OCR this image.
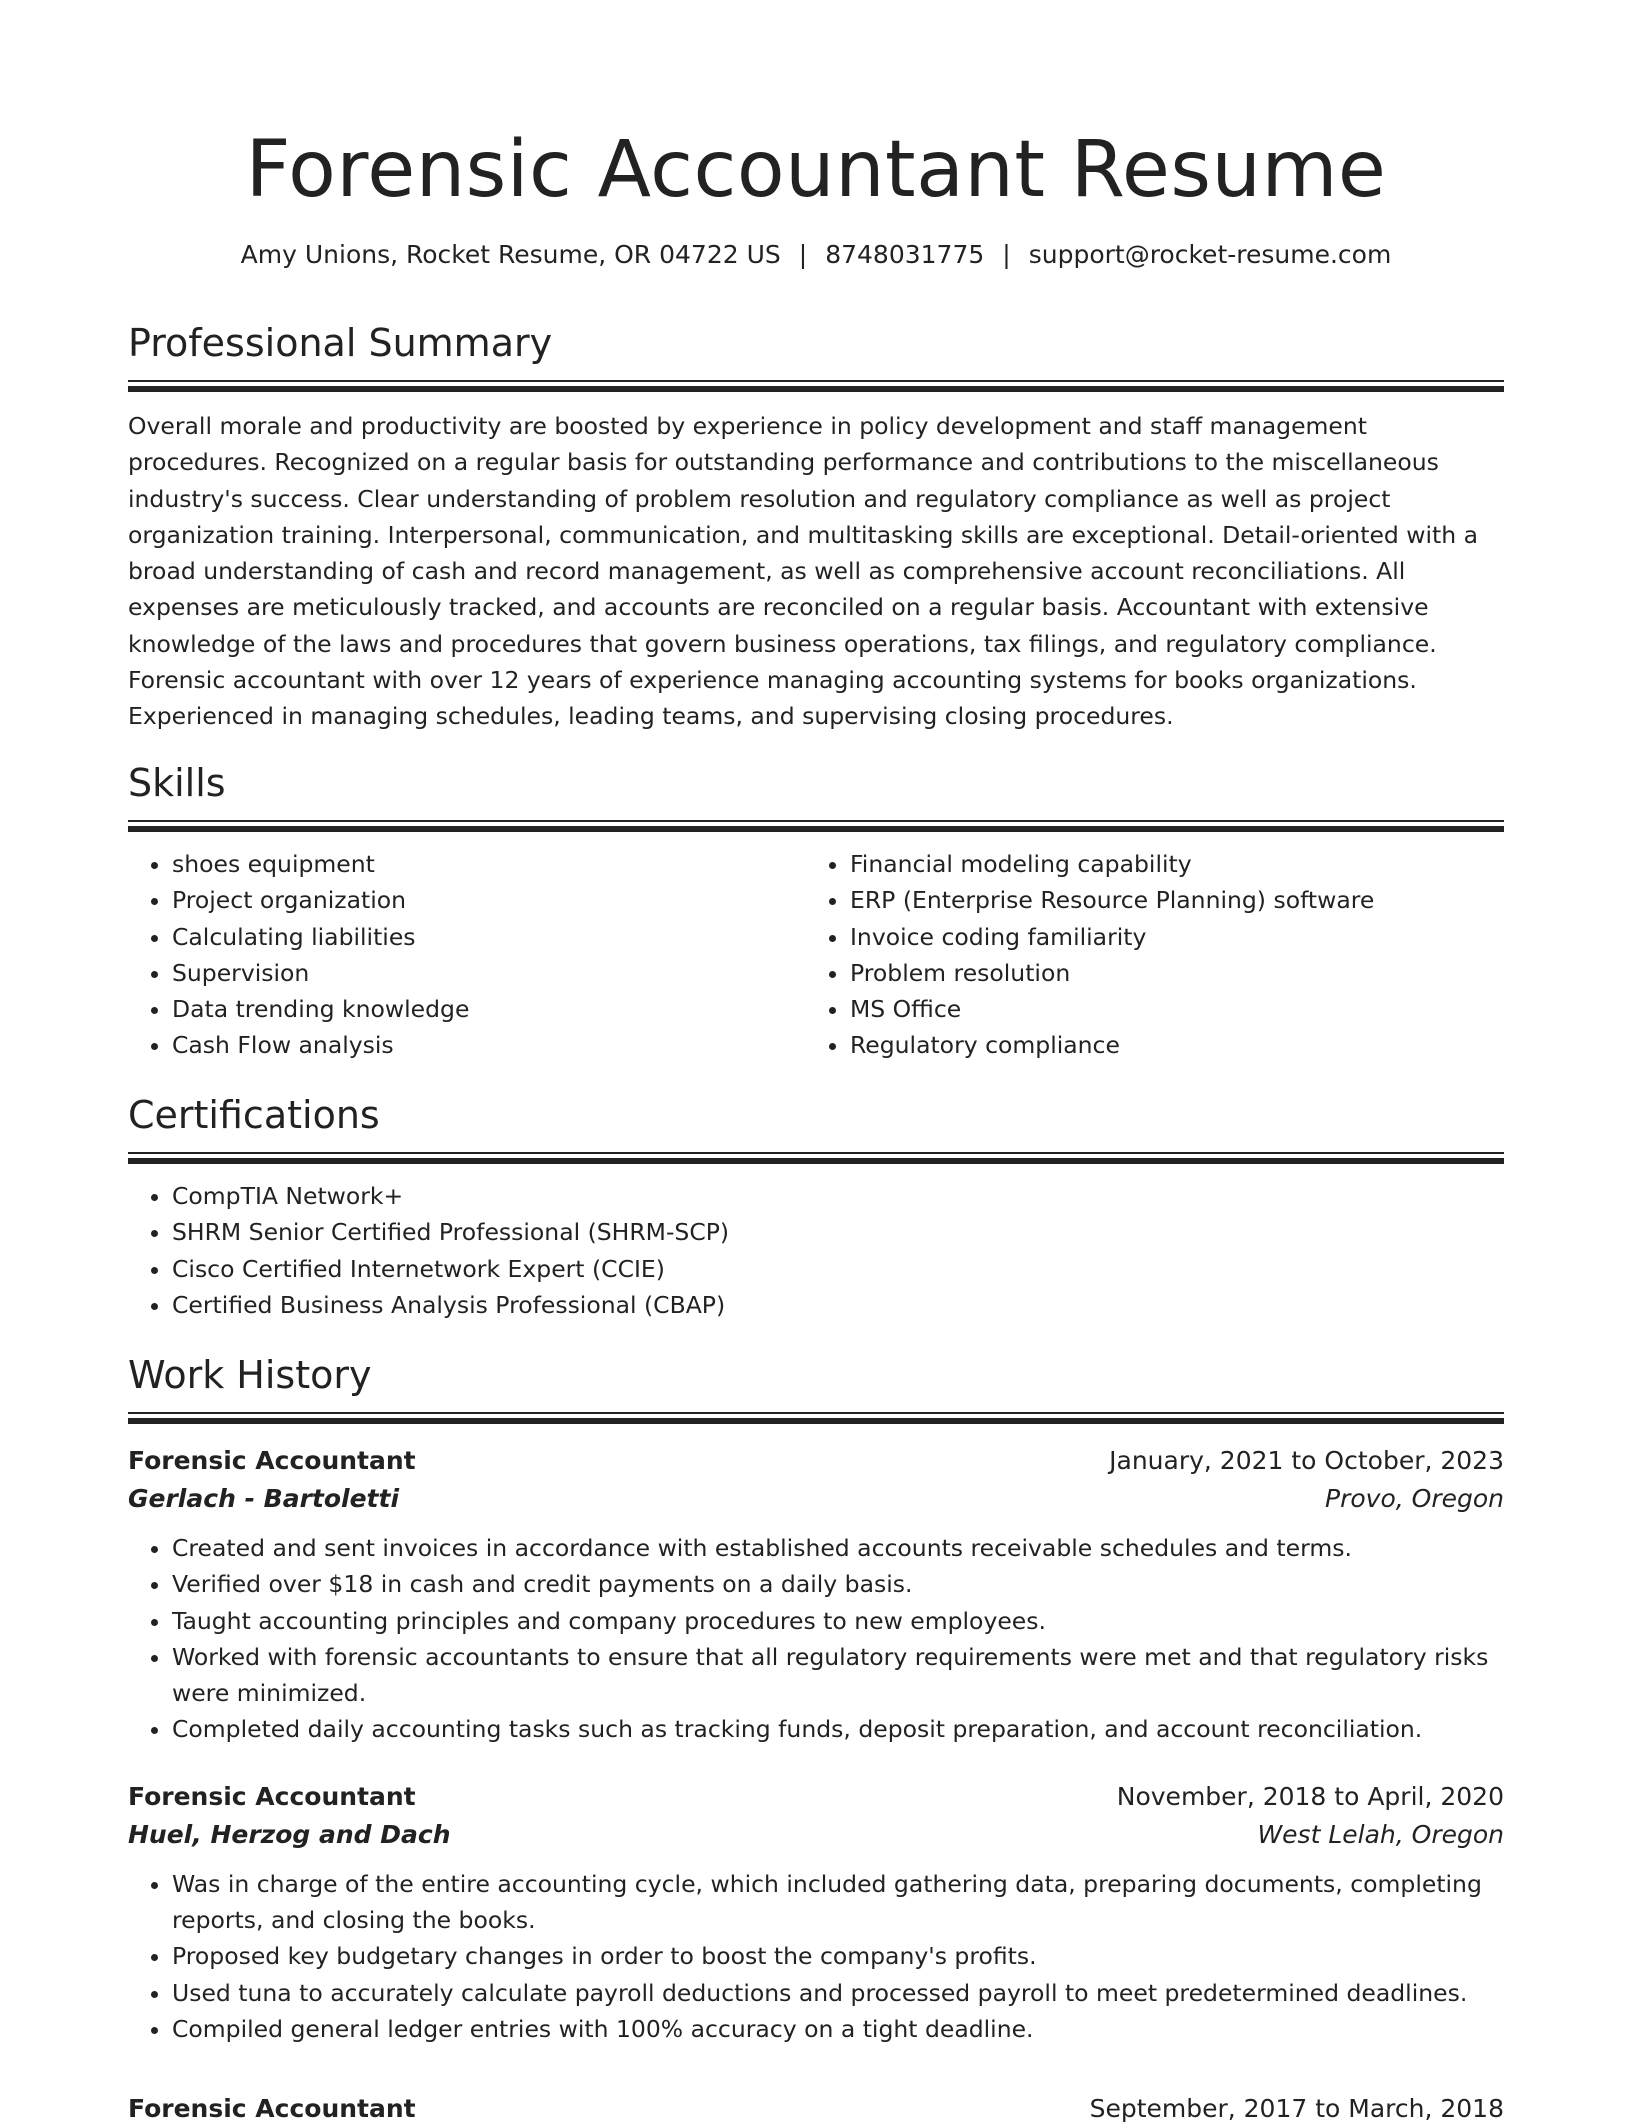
Forensic Accountant Resume
Amy Unions, Rocket Resume, OR 04722 US | 8748031775 | support@rocket-resume.com
Professional Summary

Overall morale and productivity are boosted by experience in policy development and staff management procedures. Recognized on a regular basis for outstanding performance and contributions to the miscellaneous industry's success. Clear understanding of problem resolution and regulatory compliance as well as project organization training. Interpersonal, communication, and multitasking skills are exceptional. Detail-oriented with a broad understanding of cash and record management, as well as comprehensive account reconciliations. All expenses are meticulously tracked, and accounts are reconciled on a regular basis. Accountant with extensive knowledge of the laws and procedures that govern business operations, tax filings, and regulatory compliance. Forensic accountant with over 12 years of experience managing accounting systems for books organizations. Experienced in managing schedules, leading teams, and supervising closing procedures.

Skills
• shoes equipment
• Project organization
• Calculating liabilities
• Supervision
• Data trending knowledge
• Cash Flow analysis
• Financial modeling capability
• ERP (Enterprise Resource Planning) software
• Invoice coding familiarity
• Problem resolution
• MS Office
• Regulatory compliance
Certifications
• CompTIA Network+
• SHRM Senior Certified Professional (SHRM-SCP)
• Cisco Certified Internetwork Expert (CCIE)
• Certified Business Analysis Professional (CBAP)
Work History
Forensic Accountant	January, 2021 to October, 2023
Gerlach - Bartoletti	Provo, Oregon
• Created and sent invoices in accordance with established accounts receivable schedules and terms.
• Verified over $18 in cash and credit payments on a daily basis.
• Taught accounting principles and company procedures to new employees.
• Worked with forensic accountants to ensure that all regulatory requirements were met and that regulatory risks were minimized.
• Completed daily accounting tasks such as tracking funds, deposit preparation, and account reconciliation.
Forensic Accountant	November, 2018 to April, 2020
Huel, Herzog and Dach	West Lelah, Oregon
• Was in charge of the entire accounting cycle, which included gathering data, preparing documents, completing reports, and closing the books.
• Proposed key budgetary changes in order to boost the company's profits.
• Used tuna to accurately calculate payroll deductions and processed payroll to meet predetermined deadlines.
• Compiled general ledger entries with 100% accuracy on a tight deadline.
Forensic Accountant	September, 2017 to March, 2018
